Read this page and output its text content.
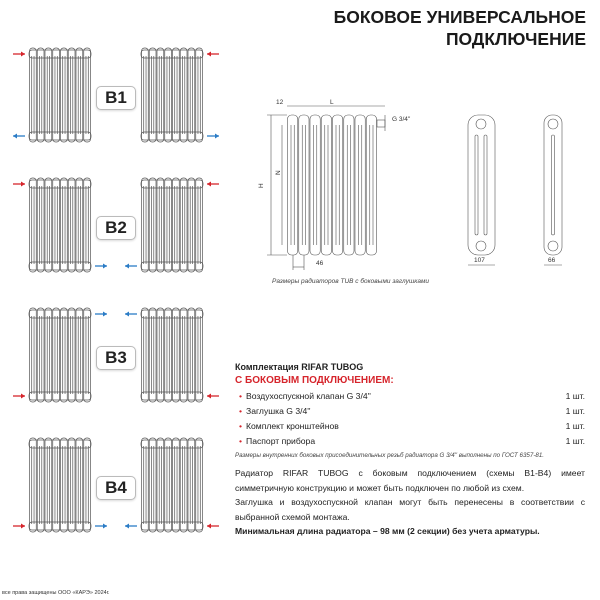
12	L
G 3/4''
H
N
46	107	66
БОКОВОЕ УНИВЕРСАЛЬНОЕ
ПОДКЛЮЧЕНИЕ
B1
B2
B3
B4
Размеры радиаторов TUB с боковыми заглушками
Комплектация RIFAR TUBOG
С БОКОВЫМ ПОДКЛЮЧЕНИЕМ:
• Воздухоспускной клапан G 3/4''	1 шт.
• Заглушка G 3/4''	1 шт.
• Комплект кронштейнов	1 шт.
• Паспорт прибора	1 шт.
Размеры внутренних боковых присоединительных резьб радиатора G 3/4'' выполнены по ГОСТ 6357-81.
Радиатор RIFAR TUBOG с боковым подключением (схемы В1-В4) имеет симметричную конструкцию и может быть подключен по любой из схем.
Заглушка и воздухоспускной клапан могут быть перенесены в соответствии с выбранной схемой монтажа.
Минимальная длина радиатора – 98 мм (2 секции) без учета арматуры.
все права защищены ООО «КАРЭ» 2024г.
